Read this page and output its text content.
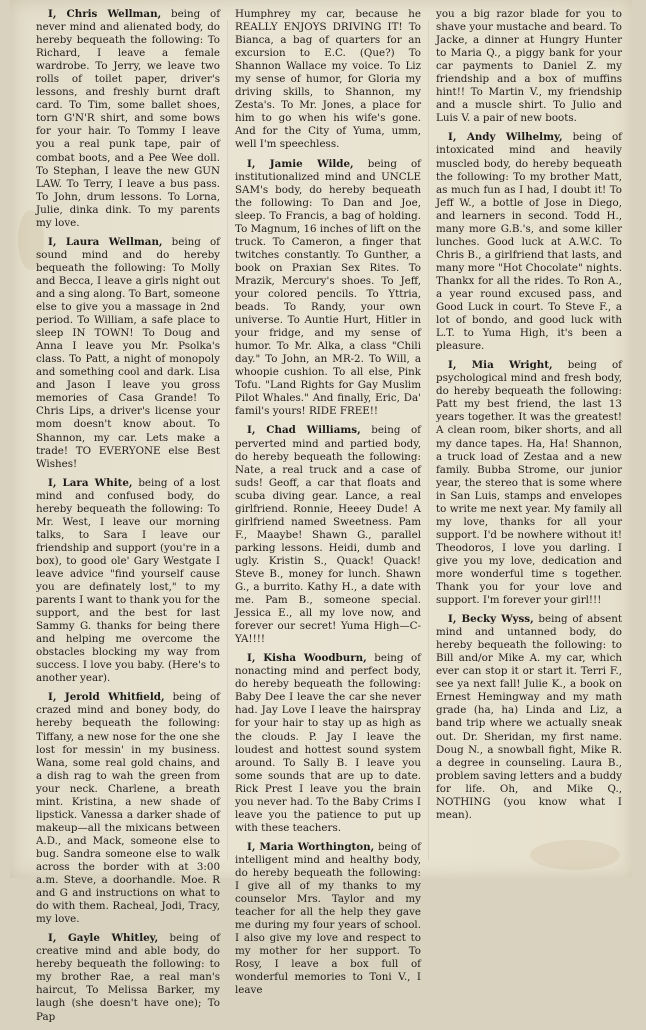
I, Chris Wellman, being of never mind and alienated body, do hereby bequeath the following: To Richard, I leave a female wardrobe. To Jerry, we leave two rolls of toilet paper, driver's lessons, and freshly burnt draft card. To Tim, some ballet shoes, torn G'N'R shirt, and some bows for your hair. To Tommy I leave you a real punk tape, pair of combat boots, and a Pee Wee doll. To Stephan, I leave the new GUN LAW. To Terry, I leave a bus pass. To John, drum lessons. To Lorna, Julie, dinka dink. To my parents my love.

I, Laura Wellman, being of sound mind and do hereby bequeath the following: To Molly and Becca, I leave a girls night out and a sing along. To Bart, someone else to give you a massage in 2nd period. To William, a safe place to sleep IN TOWN! To Doug and Anna I leave you Mr. Psolka's class. To Patt, a night of monopoly and something cool and dark. Lisa and Jason I leave you gross memories of Casa Grande! To Chris Lips, a driver's license your mom doesn't know about. To Shannon, my car. Lets make a trade! TO EVERYONE else Best Wishes!

I, Lara White, being of a lost mind and confused body, do hereby bequeath the following: To Mr. West, I leave our morning talks, to Sara I leave our friendship and support (you're in a box), to good ole' Gary Westgate I leave advice "find yourself cause you are definately lost," to my parents I want to thank you for the support, and the best for last Sammy G. thanks for being there and helping me overcome the obstacles blocking my way from success. I love you baby. (Here's to another year).

I, Jerold Whitfield, being of crazed mind and boney body, do hereby bequeath the following: Tiffany, a new nose for the one she lost for messin' in my business. Wana, some real gold chains, and a dish rag to wah the green from your neck. Charlene, a breath mint. Kristina, a new shade of lipstick. Vanessa a darker shade of makeup—all the mixicans between A.D., and Mack, someone else to bug. Sandra someone else to walk across the border with at 3:00 a.m. Steve, a doorhandle. Moe. R and G and instructions on what to do with them. Racheal, Jodi, Tracy, my love.

I, Gayle Whitley, being of creative mind and able body, do hereby bequeath the following: to my brother Rae, a real man's haircut, To Melissa Barker, my laugh (she doesn't have one); To Pap

Humphrey my car, because he REALLY ENJOYS DRIVING IT! To Bianca, a bag of quarters for an excursion to E.C. (Que?) To Shannon Wallace my voice. To Liz my sense of humor, for Gloria my driving skills, to Shannon, my Zesta's. To Mr. Jones, a place for him to go when his wife's gone. And for the City of Yuma, umm, well I'm speechless.

I, Jamie Wilde, being of institutionalized mind and UNCLE SAM's body, do hereby bequeath the following: To Dan and Joe, sleep. To Francis, a bag of holding. To Magnum, 16 inches of lift on the truck. To Cameron, a finger that twitches constantly. To Gunther, a book on Praxian Sex Rites. To Mrazik, Mercury's shoes. To Jeff, your colored pencils. To Yttria, beads. To Randy, your own universe. To Auntie Hurt, Hitler in your fridge, and my sense of humor. To Mr. Alka, a class "Chili day." To John, an MR-2. To Will, a whoopie cushion. To all else, Pink Tofu. "Land Rights for Gay Muslim Pilot Whales." And finally, Eric, Da' famil's yours! RIDE FREE!!

I, Chad Williams, being of perverted mind and partied body, do hereby bequeath the following: Nate, a real truck and a case of suds! Geoff, a car that floats and scuba diving gear. Lance, a real girlfriend. Ronnie, Heeey Dude! A girlfriend named Sweetness. Pam F., Maaybe! Shawn G., parallel parking lessons. Heidi, dumb and ugly. Kristin S., Quack! Quack! Steve B., money for lunch. Shawn G., a burrito. Kathy H., a date with me. Pam B., someone special. Jessica E., all my love now, and forever our secret! Yuma High—C-YA!!!!

I, Kisha Woodburn, being of nonacting mind and perfect body, do hereby bequeath the following: Baby Dee I leave the car she never had. Jay Love I leave the hairspray for your hair to stay up as high as the clouds. P. Jay I leave the loudest and hottest sound system around. To Sally B. I leave you some sounds that are up to date. Rick Prest I leave you the brain you never had. To the Baby Crims I leave you the patience to put up with these teachers.

I, Maria Worthington, being of intelligent mind and healthy body, do hereby bequeath the following: I give all of my thanks to my counselor Mrs. Taylor and my teacher for all the help they gave me during my four years of school. I also give my love and respect to my mother for her support. To Rosy, I leave a box full of wonderful memories to Toni V., I leave

you a big razor blade for you to shave your mustache and beard. To Jacke, a dinner at Hungry Hunter to Maria Q., a piggy bank for your car payments to Daniel Z. my friendship and a box of muffins hint!! To Martin V., my friendship and a muscle shirt. To Julio and Luis V. a pair of new boots.

I, Andy Wilhelmy, being of intoxicated mind and heavily muscled body, do hereby bequeath the following: To my brother Matt, as much fun as I had, I doubt it! To Jeff W., a bottle of Jose in Diego, and learners in second. Todd H., many more G.B.'s, and some killer lunches. Good luck at A.W.C. To Chris B., a girlfriend that lasts, and many more "Hot Chocolate" nights. Thankx for all the rides. To Ron A., a year round excused pass, and Good Luck in court. To Steve F., a lot of bondo, and good luck with L.T. to Yuma High, it's been a pleasure.

I, Mia Wright, being of psychological mind and fresh body, do hereby bequeath the following: Patt my best friend, the last 13 years together. It was the greatest! A clean room, biker shorts, and all my dance tapes. Ha, Ha! Shannon, a truck load of Zestaa and a new family. Bubba Strome, our junior year, the stereo that is some where in San Luis, stamps and envelopes to write me next year. My family all my love, thanks for all your support. I'd be nowhere without it! Theodoros, I love you darling. I give you my love, dedication and more wonderful time s together. Thank you for your love and support. I'm forever your girl!!!

I, Becky Wyss, being of absent mind and untanned body, do hereby bequeath the following: to Bill and/or Mike A. my car, which ever can stop it or start it. Terri F., see ya next fall! Julie K., a book on Ernest Hemingway and my math grade (ha, ha) Linda and Liz, a band trip where we actually sneak out. Dr. Sheridan, my first name. Doug N., a snowball fight, Mike R. a degree in counseling. Laura B., problem saving letters and a buddy for life. Oh, and Mike Q., NOTHING (you know what I mean).
